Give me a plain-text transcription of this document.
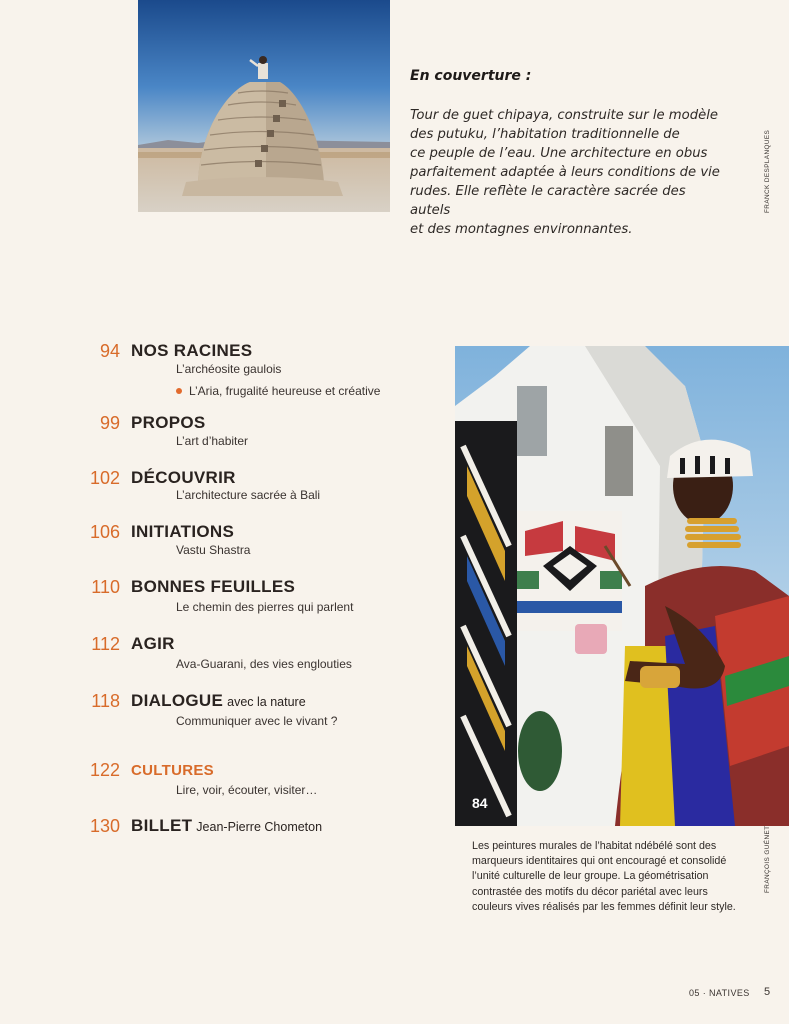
En couverture :
Tour de guet chipaya, construite sur le modèle
des putuku, l’habitation traditionnelle de
ce peuple de l’eau. Une architecture en obus
parfaitement adaptée à leurs conditions de vie
rudes. Elle reflète le caractère sacrée des autels
et des montagnes environnantes.
FRANCK DESPLANQUES
94 NOS RACINES
L’archéosite gaulois
L’Aria, frugalité heureuse et créative
99 PROPOS
L’art d’habiter
102 DÉCOUVRIR
L’architecture sacrée à Bali
106 INITIATIONS
Vastu Shastra
110 BONNES FEUILLES
Le chemin des pierres qui parlent
112 AGIR
Ava-Guarani, des vies englouties
118 DIALOGUE avec la nature
Communiquer avec le vivant ?
122 CULTURES
Lire, voir, écouter, visiter…
130 BILLET Jean-Pierre Chometon
84
Les peintures murales de l’habitat ndébélé sont des
marqueurs identitaires qui ont encouragé et consolidé
l’unité culturelle de leur groupe. La géométrisation
contrastée des motifs du décor pariétal avec leurs
couleurs vives réalisés par les femmes définit leur style.
FRANÇOIS GUÉNET
05 · NATIVES 5
